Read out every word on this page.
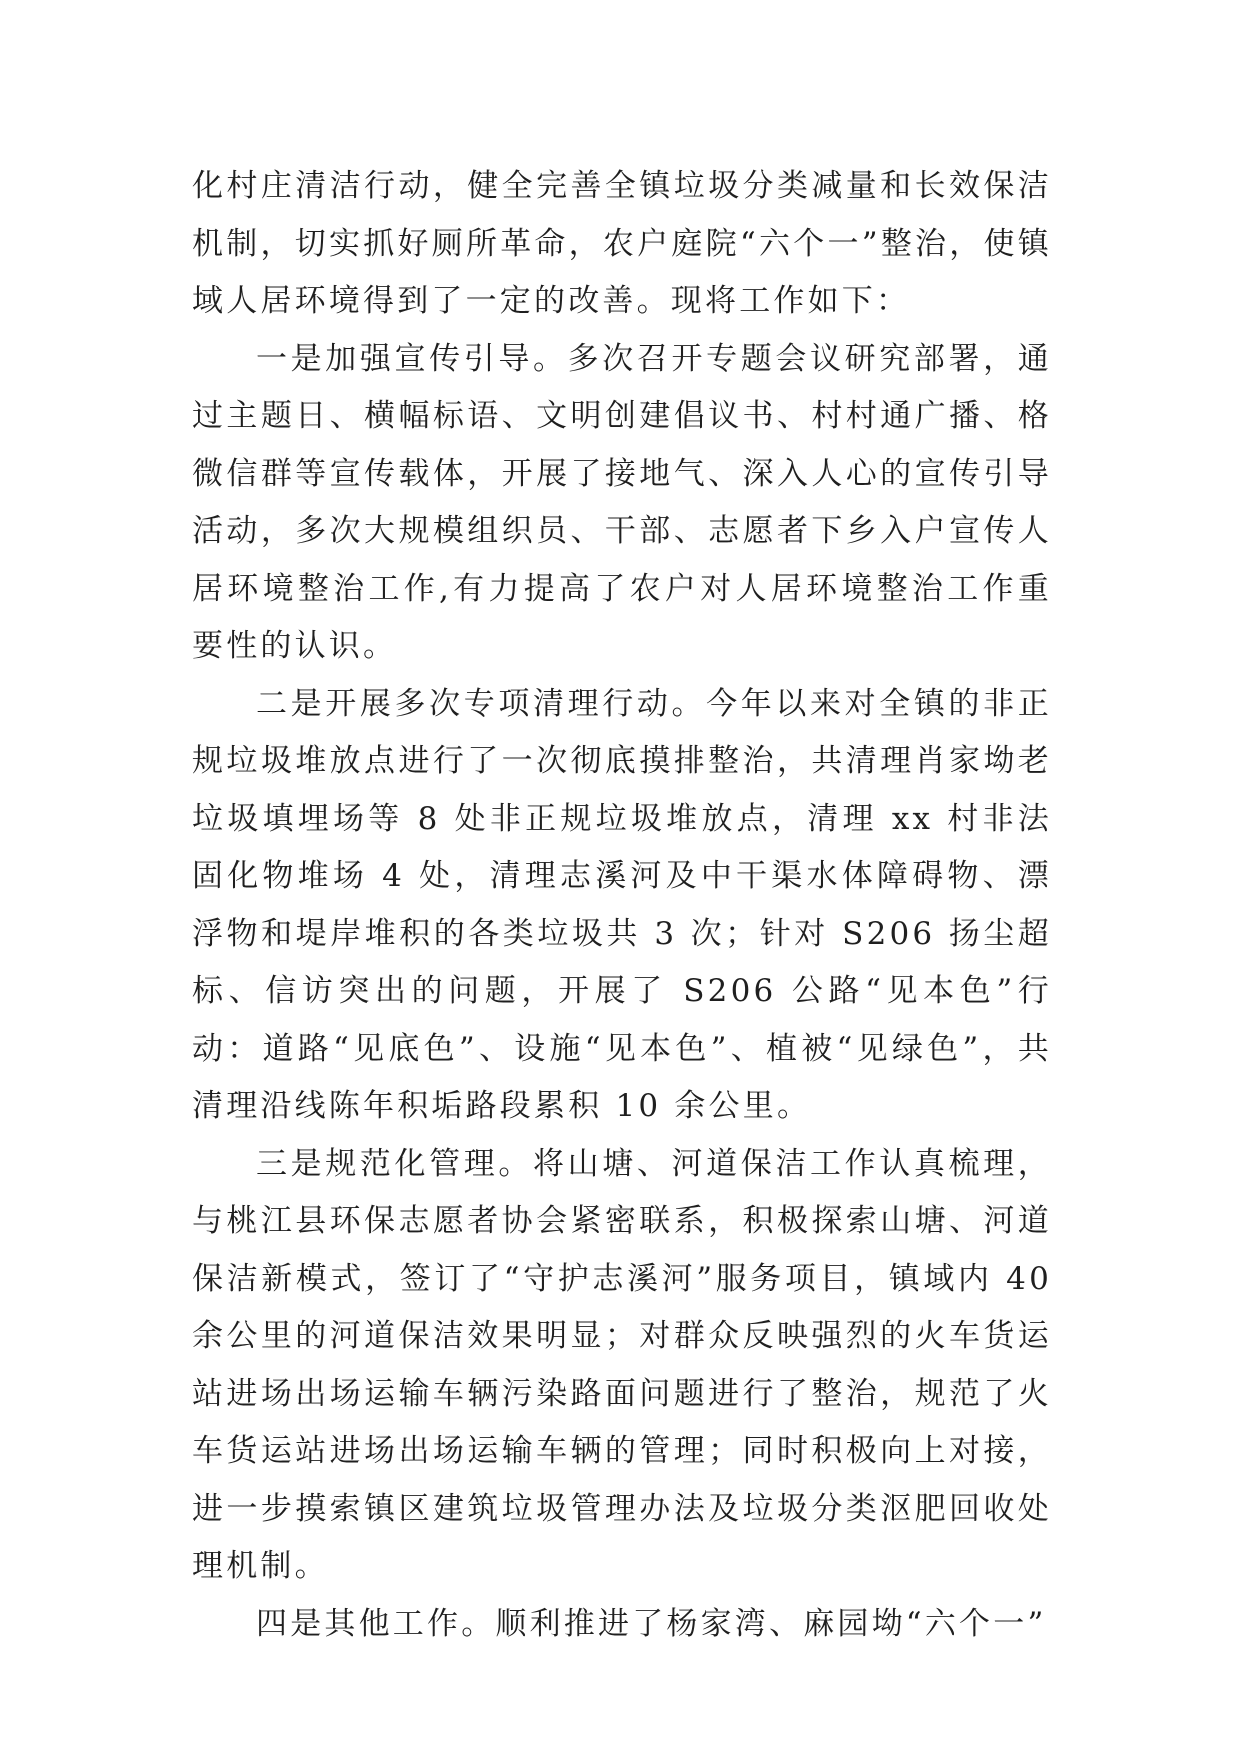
化村庄清洁行动，健全完善全镇垃圾分类减量和长效保洁机制，切实抓好厕所革命，农户庭院“六个一”整治，使镇域人居环境得到了一定的改善。现将工作如下：

一是加强宣传引导。多次召开专题会议研究部署，通过主题日、横幅标语、文明创建倡议书、村村通广播、格微信群等宣传载体，开展了接地气、深入人心的宣传引导活动，多次大规模组织员、干部、志愿者下乡入户宣传人居环境整治工作,有力提高了农户对人居环境整治工作重要性的认识。

二是开展多次专项清理行动。今年以来对全镇的非正规垃圾堆放点进行了一次彻底摸排整治，共清理肖家坳老垃圾填埋场等 8 处非正规垃圾堆放点，清理 xx 村非法固化物堆场 4 处，清理志溪河及中干渠水体障碍物、漂浮物和堤岸堆积的各类垃圾共 3 次；针对 S206 扬尘超标、信访突出的问题，开展了 S206 公路“见本色”行动：道路“见底色”、设施“见本色”、植被“见绿色”，共清理沿线陈年积垢路段累积 10 余公里。

三是规范化管理。将山塘、河道保洁工作认真梳理，与桃江县环保志愿者协会紧密联系，积极探索山塘、河道保洁新模式，签订了“守护志溪河”服务项目，镇域内 40 余公里的河道保洁效果明显；对群众反映强烈的火车货运站进场出场运输车辆污染路面问题进行了整治，规范了火车货运站进场出场运输车辆的管理；同时积极向上对接，进一步摸索镇区建筑垃圾管理办法及垃圾分类沤肥回收处理机制。

四是其他工作。顺利推进了杨家湾、麻园坳“六个一”
